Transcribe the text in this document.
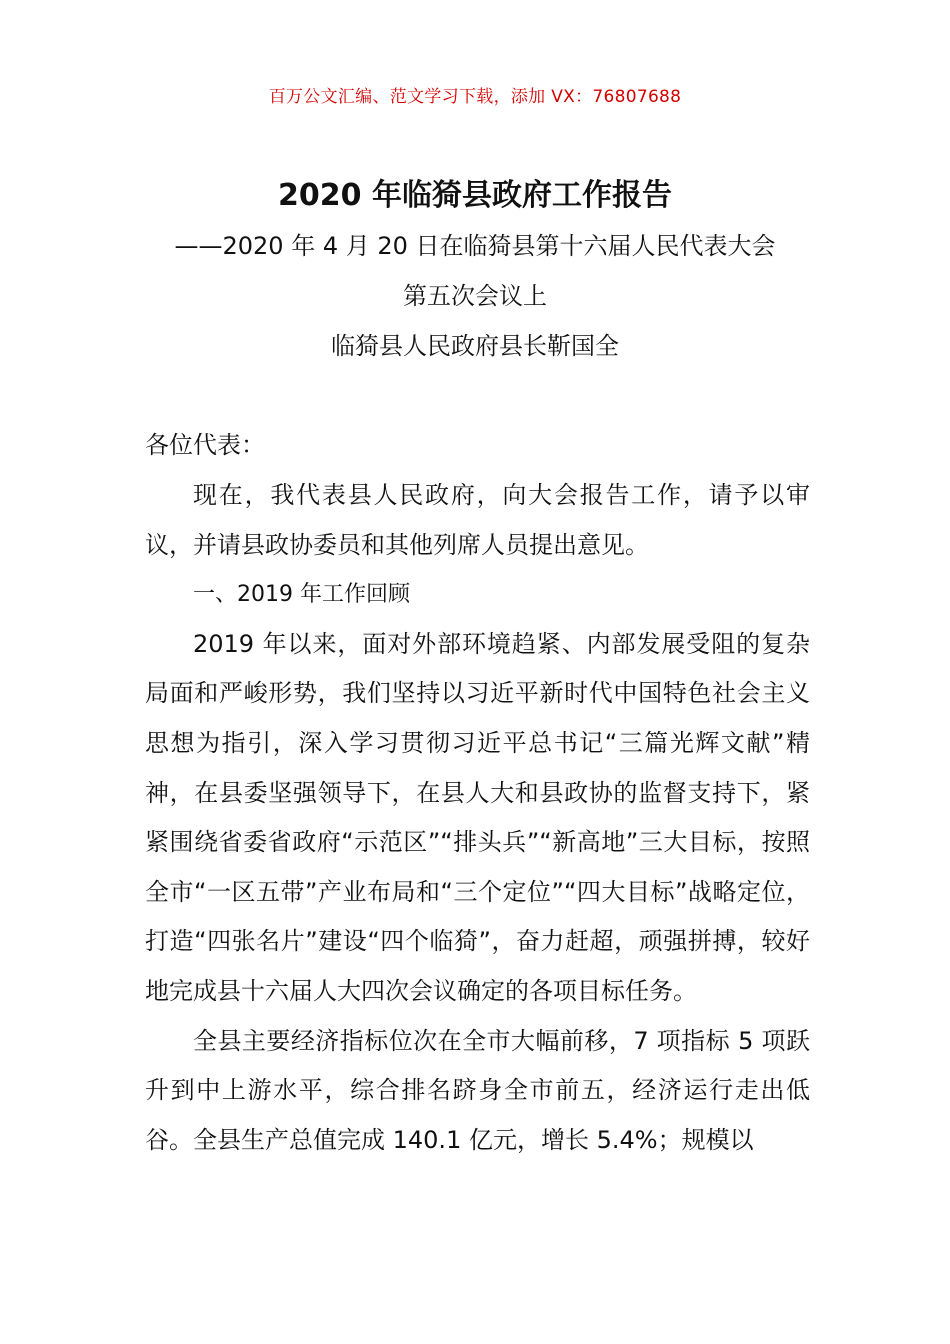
百万公文汇编、范文学习下载，添加 VX：76807688
2020 年临猗县政府工作报告
——2020 年 4 月 20 日在临猗县第十六届人民代表大会
第五次会议上
临猗县人民政府县长靳国全
各位代表：

现在，我代表县人民政府，向大会报告工作，请予以审议，并请县政协委员和其他列席人员提出意见。

一、2019 年工作回顾

2019 年以来，面对外部环境趋紧、内部发展受阻的复杂局面和严峻形势，我们坚持以习近平新时代中国特色社会主义思想为指引，深入学习贯彻习近平总书记“三篇光辉文献”精神，在县委坚强领导下，在县人大和县政协的监督支持下，紧紧围绕省委省政府“示范区”“排头兵”“新高地”三大目标，按照全市“一区五带”产业布局和“三个定位”“四大目标”战略定位，打造“四张名片”建设“四个临猗”，奋力赶超，顽强拼搏，较好地完成县十六届人大四次会议确定的各项目标任务。

全县主要经济指标位次在全市大幅前移，7 项指标 5 项跃升到中上游水平，综合排名跻身全市前五，经济运行走出低谷。全县生产总值完成 140.1 亿元，增长 5.4%；规模以
